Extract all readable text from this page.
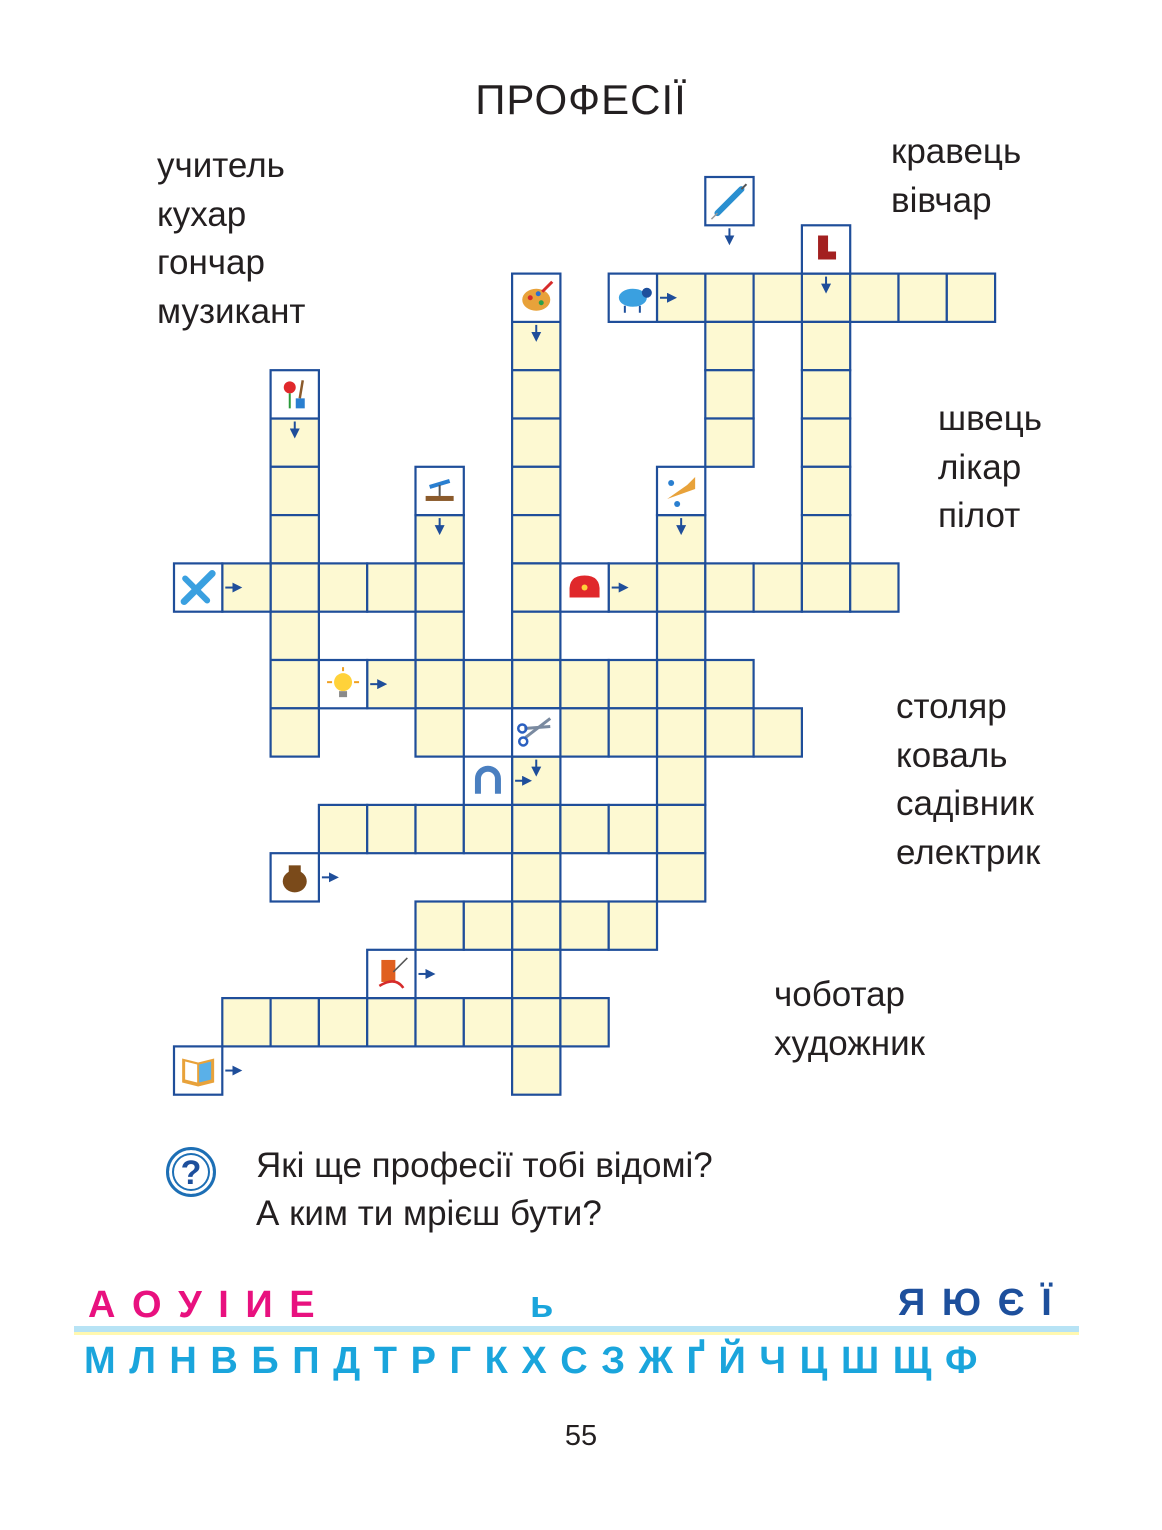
ПРОФЕСІЇ
учитель
кухар
гончар
музикант
кравець
вівчар
швець
лікар
пілот
столяр
коваль
садівник
електрик
чоботар
художник
?	Які ще професії тобі відомі?
А ким ти мрієш бути?
А О У І И Е	ь	Я Ю Є Ї
М Л Н В Б П Д Т Р Г К Х С З Ж Ґ Й Ч Ц Ш Щ Ф
55
